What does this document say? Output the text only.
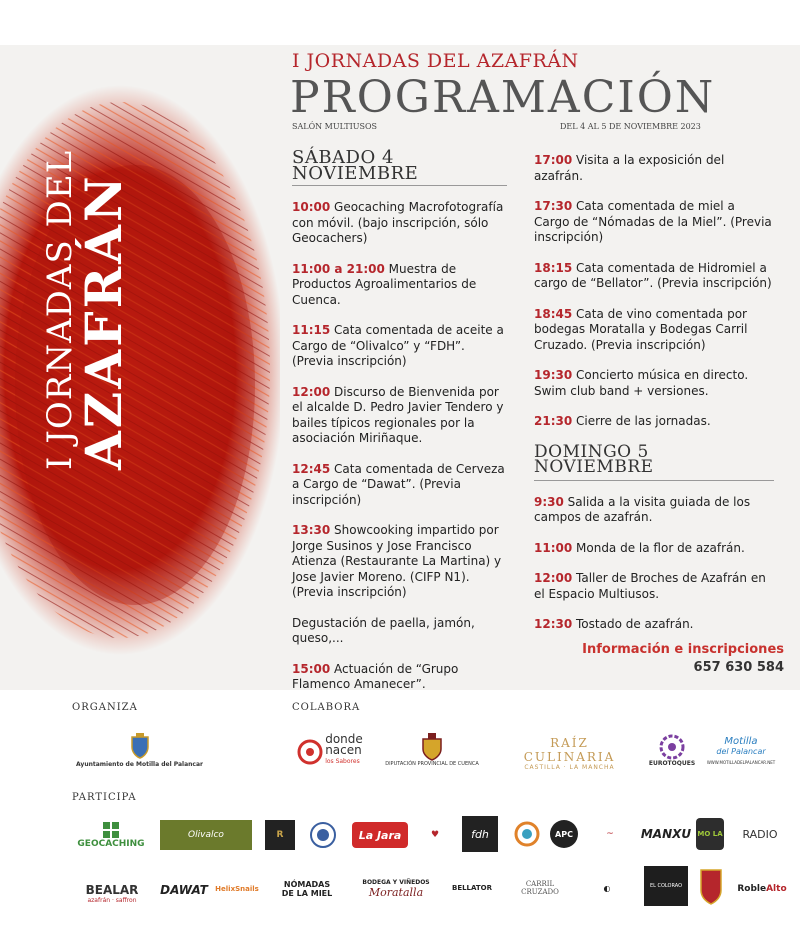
I JORNADAS DEL
AZAFRÁN
I JORNADAS DEL AZAFRÁN
PROGRAMACIÓN
SALÓN MULTIUSOS	DEL 4 AL 5 DE NOVIEMBRE 2023
SÁBADO 4 NOVIEMBRE
10:00 Geocaching Macrofotografía con móvil. (bajo inscripción, sólo Geocachers)
11:00 a 21:00 Muestra de Productos Agroalimentarios de Cuenca.
11:15 Cata comentada de aceite a Cargo de “Olivalco” y “FDH”. (Previa inscripción)
12:00 Discurso de Bienvenida por el alcalde D. Pedro Javier Tendero y bailes típicos regionales por la asociación Miriñaque.
12:45 Cata comentada de Cerveza a Cargo de “Dawat”. (Previa inscripción)
13:30 Showcooking impartido por Jorge Susinos y Jose Francisco Atienza (Restaurante La Martina) y Jose Javier Moreno. (CIFP N1). (Previa inscripción)
Degustación de paella, jamón, queso,...
15:00 Actuación de “Grupo Flamenco Amanecer”.
17:00 Visita a la exposición del azafrán.
17:30 Cata comentada de miel a Cargo de “Nómadas de la Miel”. (Previa inscripción)
18:15 Cata comentada de Hidromiel a cargo de “Bellator”. (Previa inscripción)
18:45 Cata de vino comentada por bodegas Moratalla y Bodegas Carril Cruzado. (Previa inscripción)
19:30 Concierto música en directo. Swim club band + versiones.
21:30 Cierre de las jornadas.
DOMINGO 5 NOVIEMBRE
9:30 Salida a la visita guiada de los campos de azafrán.
11:00 Monda de la flor de azafrán.
12:00 Taller de Broches de Azafrán en el Espacio Multiusos.
12:30 Tostado de azafrán.
Información e inscripciones
657 630 584
ORGANIZA	COLABORA
PARTICIPA
Ayuntamiento de Motilla del Palancar
donde
nacen
los Sabores	DIPUTACIÓN PROVINCIAL DE CUENCA
RAÍZ CULINARIA
CASTILLA · LA MANCHA	EUROTOQUES
Motilla
del Palancar
WWW.MOTILLADELPALANCAR.NET
GEOCACHING
Olivalco	R	La Jara	♥	fdh	APC	~	MANXU MO LA RADIO
BEALAR
azafrán · saffron
DAWAT HelixSnails	NÓMADAS
DE LA MIEL
BODEGA Y VIÑEDOS
Moratalla	BELLATOR	CARRIL CRUZADO	◐	EL COLORAO	Roble Alto
